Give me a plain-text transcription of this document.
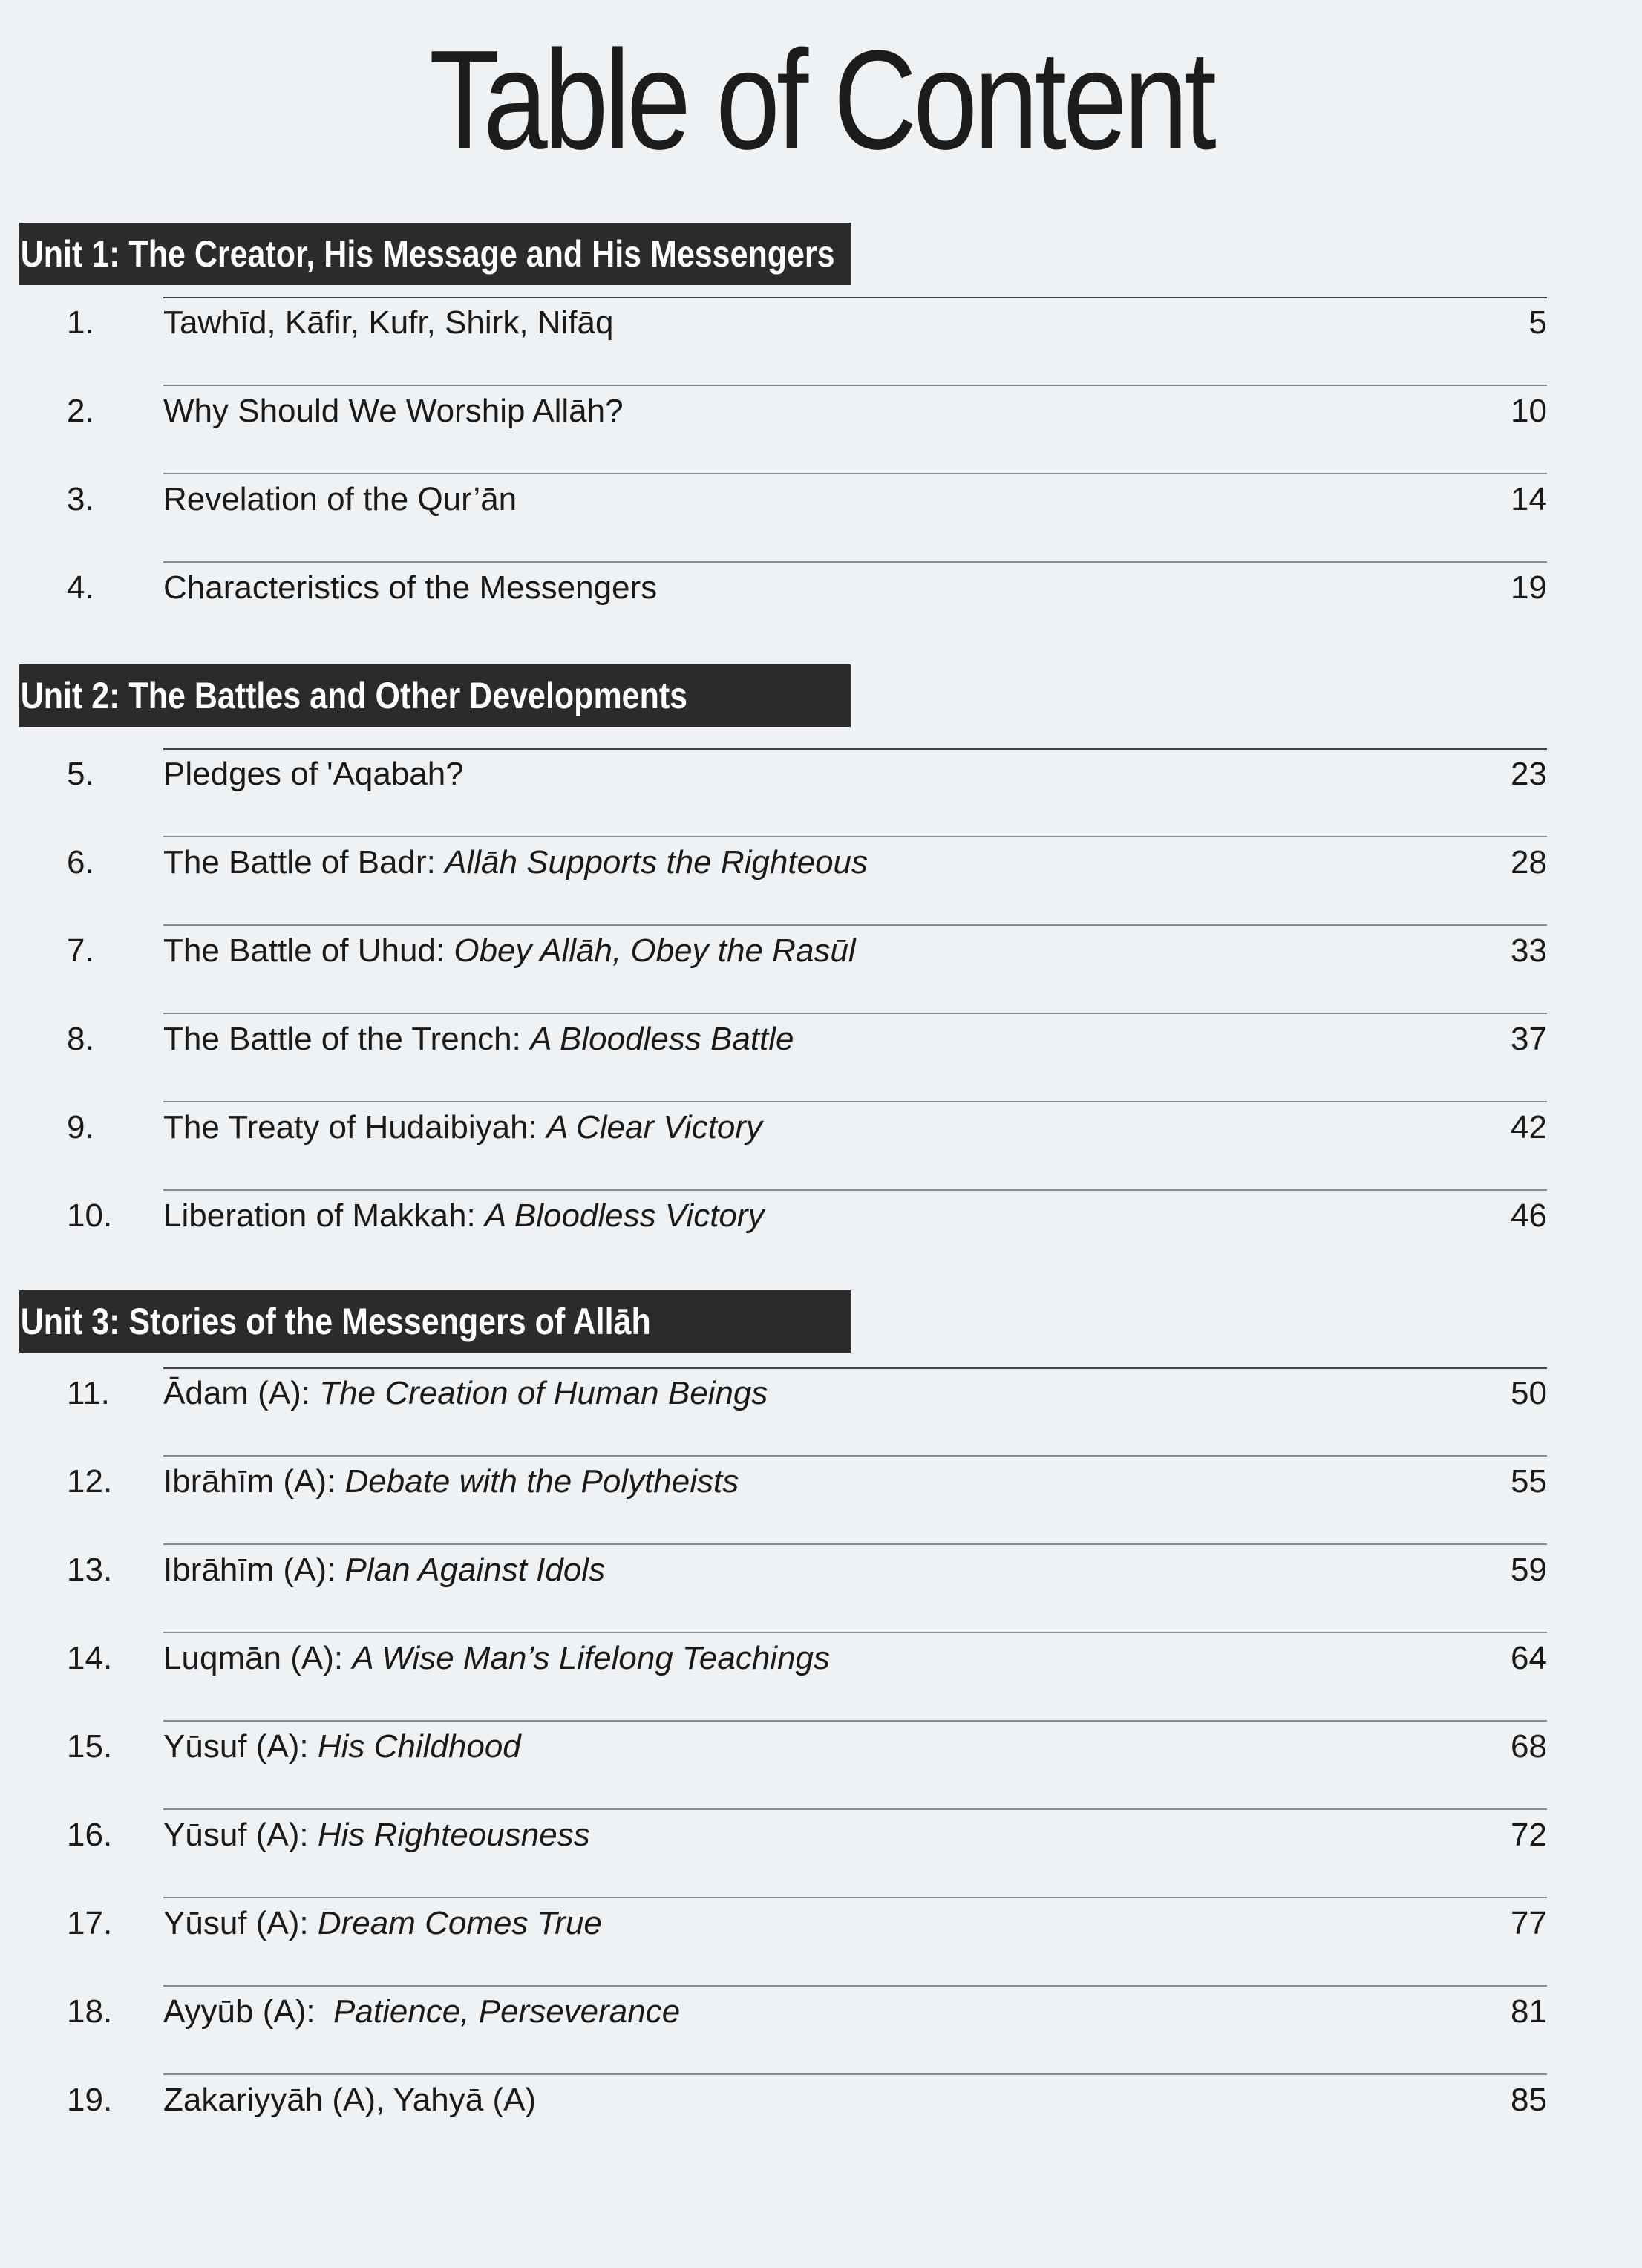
Table of Content
Unit 1: The Creator, His Message and His Messengers
1.	Tawhīd, Kāfir, Kufr, Shirk, Nifāq	5
2.	Why Should We Worship Allāh?	10
3.	Revelation of the Qur’ān	14
4.	Characteristics of the Messengers	19
Unit 2: The Battles and Other Developments
5.	Pledges of 'Aqabah?	23
6.	The Battle of Badr: Allāh Supports the Righteous	28
7.	The Battle of Uhud: Obey Allāh, Obey the Rasūl	33
8.	The Battle of the Trench: A Bloodless Battle	37
9.	The Treaty of Hudaibiyah: A Clear Victory	42
10.	Liberation of Makkah: A Bloodless Victory	46
Unit 3: Stories of the Messengers of Allāh
11.	Ādam (A): The Creation of Human Beings	50
12.	Ibrāhīm (A): Debate with the Polytheists	55
13.	Ibrāhīm (A): Plan Against Idols	59
14.	Luqmān (A): A Wise Man’s Lifelong Teachings	64
15.	Yūsuf (A): His Childhood	68
16.	Yūsuf (A): His Righteousness	72
17.	Yūsuf (A): Dream Comes True	77
18.	Ayyūb (A):  Patience, Perseverance	81
19.	Zakariyyāh (A), Yahyā (A)	85
